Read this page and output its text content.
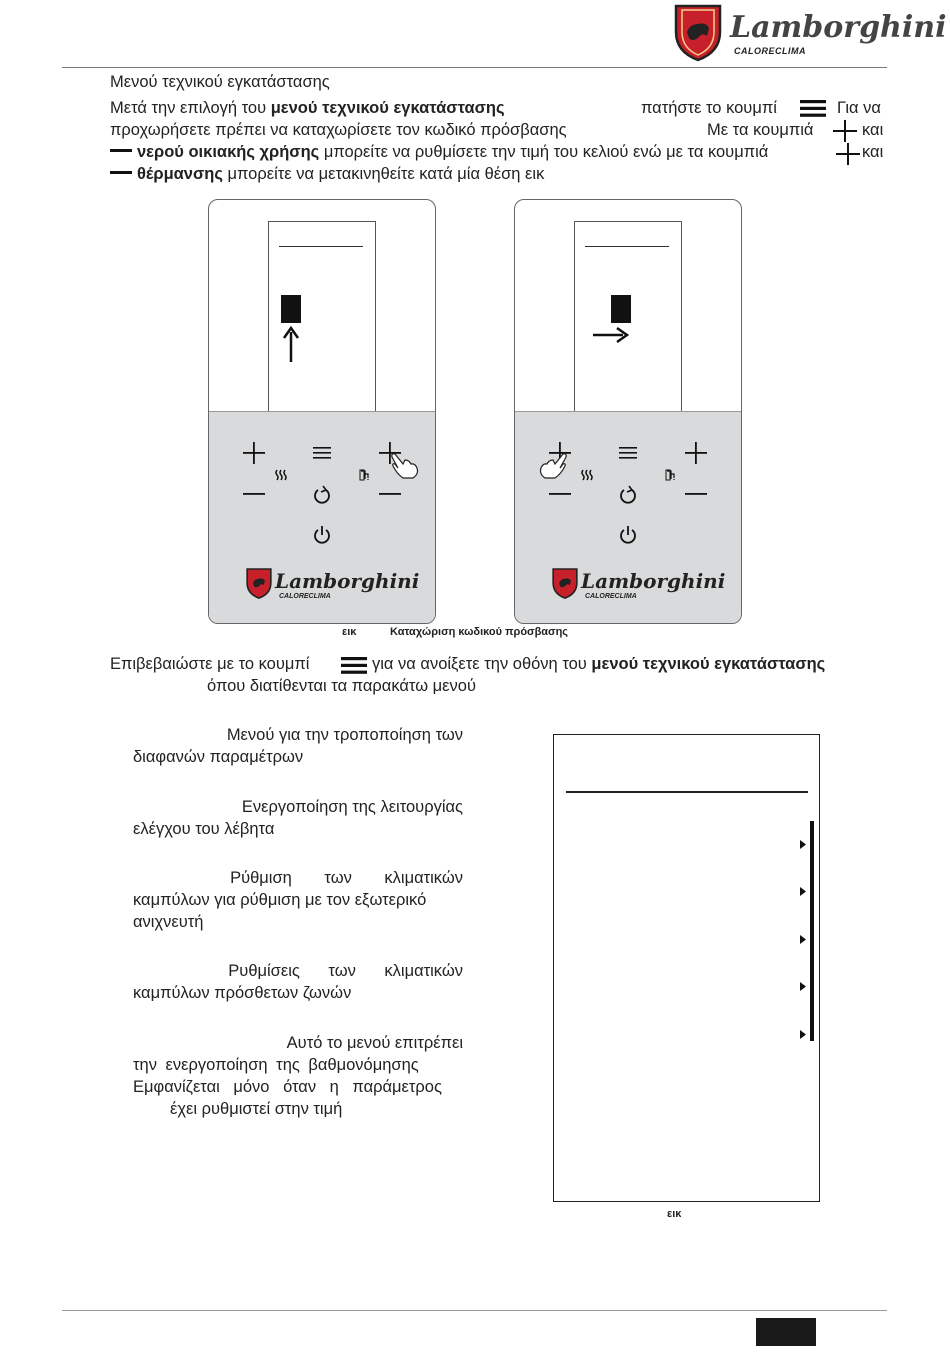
Lamborghini
CALORECLIMA
Μενού τεχνικού εγκατάστασης
Μετά την επιλογή του μενού τεχνικού εγκατάστασης	πατήστε το κουμπί	Για να
προχωρήσετε πρέπει να καταχωρίσετε τον κωδικό πρόσβασης	Με τα κουμπιά	και
νερού οικιακής χρήσης μπορείτε να ρυθμίσετε την τιμή του κελιού ενώ με τα κουμπιά	και
θέρμανσης μπορείτε να μετακινηθείτε κατά μία θέση εικ
Lamborghini
CALORECLIMA
Lamborghini
CALORECLIMA
εικ	Καταχώριση κωδικού πρόσβασης
Επιβεβαιώστε με το κουμπί	για να ανοίξετε την οθόνη του μενού τεχνικού εγκατάστασης
όπου διατίθενται τα παρακάτω μενού
Μενού για την τροποποίηση των
διαφανών παραμέτρων
Ενεργοποίηση της λειτουργίας
ελέγχου του λέβητα
Ρύθμιση των κλιματικών
καμπύλων για ρύθμιση με τον εξωτερικό
ανιχνευτή
Ρυθμίσεις των κλιματικών
καμπύλων πρόσθετων ζωνών
Αυτό το μενού επιτρέπει
την ενεργοποίηση της βαθμονόμησης
Εμφανίζεται μόνο όταν η παράμετρος
έχει ρυθμιστεί στην τιμή
εικ
